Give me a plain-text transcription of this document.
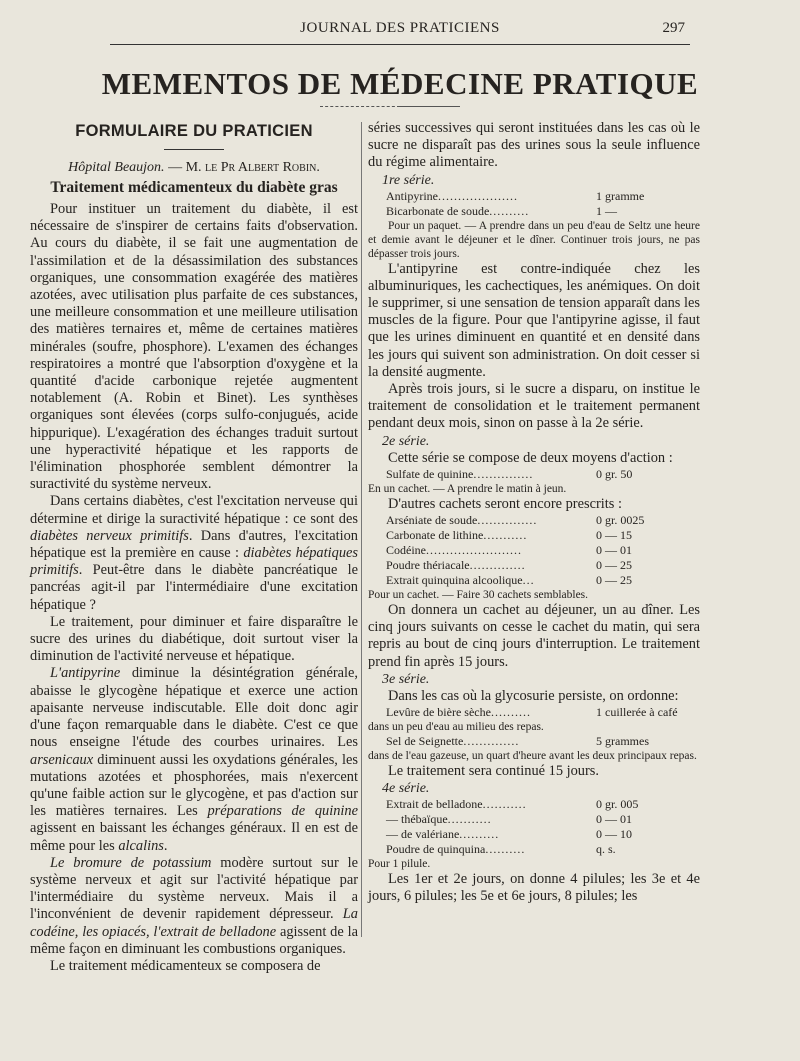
JOURNAL DES PRATICIENS	297
MEMENTOS DE MÉDECINE PRATIQUE
FORMULAIRE DU PRATICIEN
Hôpital Beaujon. — M. le Pr Albert Robin.
Traitement médicamenteux du diabète gras

Pour instituer un traitement du diabète, il est nécessaire de s'inspirer de certains faits d'observation. Au cours du diabète, il se fait une augmentation de l'assimilation et de la désassimilation des substances organiques, une consommation exagérée des matières azotées, avec utilisation plus parfaite de ces substances, une meilleure consommation et une meilleure utilisation des matières ternaires et, même de certaines matières minérales (soufre, phosphore). L'examen des échanges respiratoires a montré que l'absorption d'oxygène et la quantité d'acide carbonique rejetée augmentent notablement (A. Robin et Binet). Les synthèses organiques sont élevées (corps sulfo-conjugués, acide hippurique). L'exagération des échanges traduit surtout une hyperactivité hépatique et les rapports de l'élimination phosphorée semblent démontrer la suractivité du système nerveux.

Dans certains diabètes, c'est l'excitation nerveuse qui détermine et dirige la suractivité hépatique : ce sont des diabètes nerveux primitifs. Dans d'autres, l'excitation hépatique est la première en cause : diabètes hépatiques primitifs. Peut-être dans le diabète pancréatique le pancréas agit-il par l'intermédiaire d'une excitation hépatique ?

Le traitement, pour diminuer et faire disparaître le sucre des urines du diabétique, doit surtout viser la diminution de l'activité nerveuse et hépatique.

L'antipyrine diminue la désintégration générale, abaisse le glycogène hépatique et exerce une action apaisante nerveuse indiscutable. Elle doit donc agir d'une façon remarquable dans le diabète. C'est ce que nous enseigne l'étude des courbes urinaires. Les arsenicaux diminuent aussi les oxydations générales, les mutations azotées et phosphorées, mais n'exercent qu'une faible action sur le glycogène, et pas d'action sur les matières ternaires. Les préparations de quinine agissent en baissant les échanges généraux. Il en est de même pour les alcalins.

Le bromure de potassium modère surtout sur le système nerveux et agit sur l'activité hépatique par l'intermédiaire du système nerveux. Mais il a l'inconvénient de devenir rapidement dépresseur. La codéine, les opiacés, l'extrait de belladone agissent de la même façon en diminuant les combustions organiques.

Le traitement médicamenteux se composera de

séries successives qui seront instituées dans les cas où le sucre ne disparaît pas des urines sous la seule influence du régime alimentaire.

1re série.
Antipyrine....................	1 gramme
Bicarbonate de soude..........	1 —

Pour un paquet. — A prendre dans un peu d'eau de Seltz une heure et demie avant le déjeuner et le dîner. Continuer trois jours, ne pas dépasser trois jours.

L'antipyrine est contre-indiquée chez les albuminuriques, les cachectiques, les anémiques. On doit le supprimer, si une sensation de tension apparaît dans les muscles de la figure. Pour que l'antipyrine agisse, il faut que les urines diminuent en quantité et en densité dans les jours qui suivent son administration. On doit cesser si la densité augmente.

Après trois jours, si le sucre a disparu, on institue le traitement de consolidation et le traitement permanent pendant deux mois, sinon on passe à la 2e série.

2e série.

Cette série se compose de deux moyens d'action :

Sulfate de quinine...............	0 gr. 50

En un cachet. — A prendre le matin à jeun.

D'autres cachets seront encore prescrits :

Arséniate de soude...............	0 gr. 0025
Carbonate de lithine...........	0 — 15
Codéine........................	0 — 01
Poudre thériacale..............	0 — 25
Extrait quinquina alcoolique...	0 — 25

Pour un cachet. — Faire 30 cachets semblables.

On donnera un cachet au déjeuner, un au dîner. Les cinq jours suivants on cesse le cachet du matin, qui sera repris au bout de cinq jours d'interruption. Le traitement prend fin après 15 jours.

3e série.

Dans les cas où la glycosurie persiste, on ordonne:

Levûre de bière sèche..........	1 cuillerée à café

dans un peu d'eau au milieu des repas.

Sel de Seignette..............	5 grammes

dans de l'eau gazeuse, un quart d'heure avant les deux principaux repas.

Le traitement sera continué 15 jours.

4e série.
Extrait de belladone...........	0 gr. 005
— thébaïque...........	0 — 01
— de valériane..........	0 — 10
Poudre de quinquina..........	q. s.

Pour 1 pilule.

Les 1er et 2e jours, on donne 4 pilules; les 3e et 4e jours, 6 pilules; les 5e et 6e jours, 8 pilules; les
